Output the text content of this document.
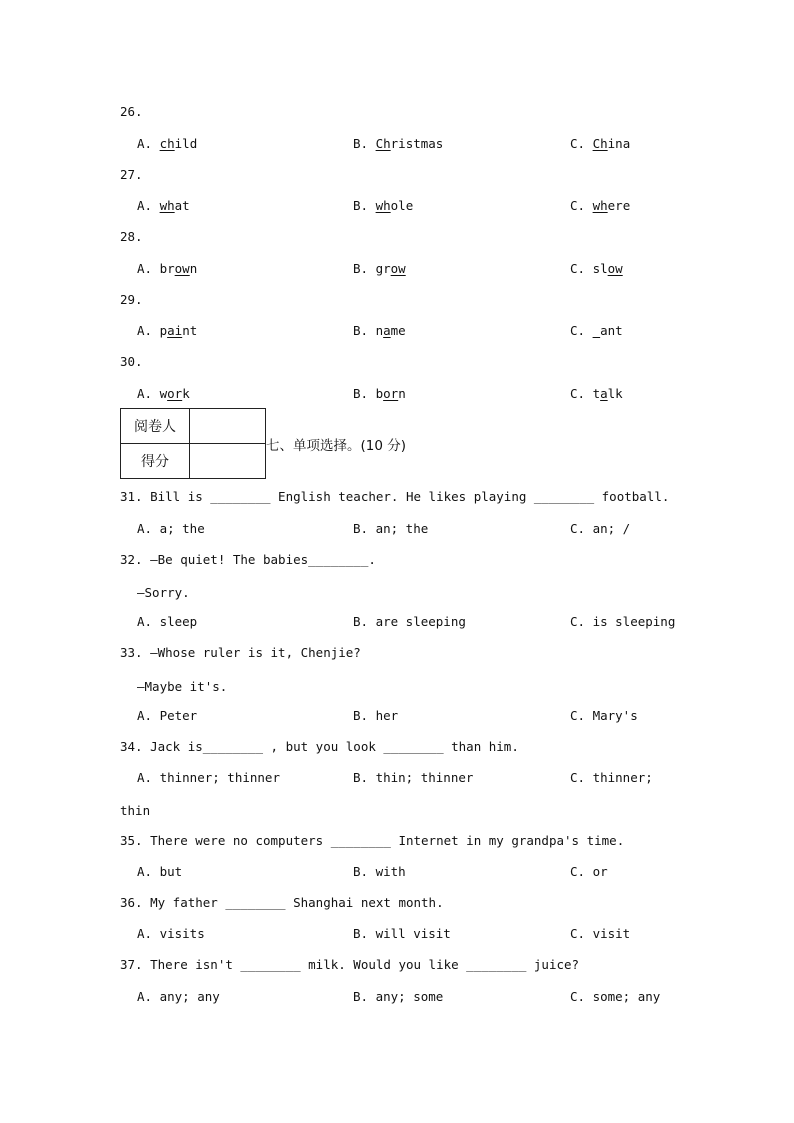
26.
A. child	B. Christmas	C. China
27.
A. what	B. whole	C. where
28.
A. brown	B. grow	C. slow
29.
A. paint	B. name	C. ant
30.
A. work	B. born	C. talk
阅卷人	
得分	
七、单项选择。(10 分)
31. Bill is ________ English teacher. He likes playing ________ football.
A. a; the	B. an; the	C. an; /
32. —Be quiet! The babies________.
—Sorry.
A. sleep	B. are sleeping	C. is sleeping
33. —Whose ruler is it, Chenjie?
—Maybe it's.
A. Peter	B. her	C. Mary's
34. Jack is________ , but you look ________ than him.
A. thinner; thinner	B. thin; thinner	C. thinner;
thin
35. There were no computers ________ Internet in my grandpa's time.
A. but	B. with	C. or
36. My father ________ Shanghai next month.
A. visits	B. will visit	C. visit
37. There isn't ________ milk. Would you like ________ juice?
A. any; any	B. any; some	C. some; any
